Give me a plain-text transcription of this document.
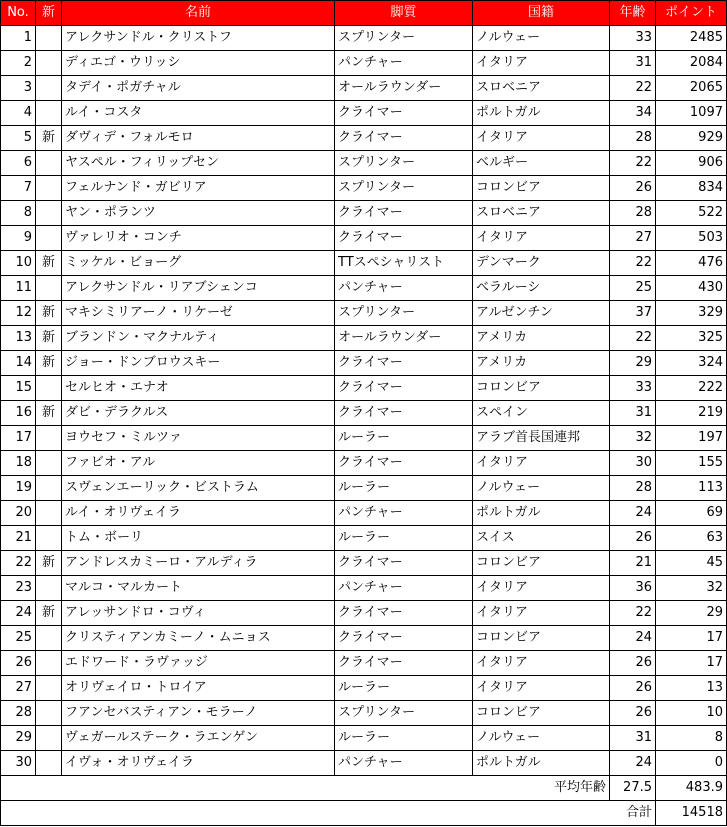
No.	新	名前	脚質	国籍	年齢	ポイント
1		アレクサンドル・クリストフ	スプリンター	ノルウェー	33	2485
2		ディエゴ・ウリッシ	パンチャー	イタリア	31	2084
3		タデイ・ポガチャル	オールラウンダー	スロベニア	22	2065
4		ルイ・コスタ	クライマー	ポルトガル	34	1097
5	新	ダヴィデ・フォルモロ	クライマー	イタリア	28	929
6		ヤスペル・フィリップセン	スプリンター	ベルギー	22	906
7		フェルナンド・ガビリア	スプリンター	コロンビア	26	834
8		ヤン・ポランツ	クライマー	スロベニア	28	522
9		ヴァレリオ・コンチ	クライマー	イタリア	27	503
10	新	ミッケル・ビョーグ	TTスペシャリスト	デンマーク	22	476
11		アレクサンドル・リアブシェンコ	パンチャー	ベラルーシ	25	430
12	新	マキシミリアーノ・リケーゼ	スプリンター	アルゼンチン	37	329
13	新	ブランドン・マクナルティ	オールラウンダー	アメリカ	22	325
14	新	ジョー・ドンブロウスキー	クライマー	アメリカ	29	324
15		セルヒオ・エナオ	クライマー	コロンビア	33	222
16	新	ダビ・デラクルス	クライマー	スペイン	31	219
17		ヨウセフ・ミルツァ	ルーラー	アラブ首長国連邦	32	197
18		ファビオ・アル	クライマー	イタリア	30	155
19		スヴェンエーリック・ビストラム	ルーラー	ノルウェー	28	113
20		ルイ・オリヴェイラ	パンチャー	ポルトガル	24	69
21		トム・ボーリ	ルーラー	スイス	26	63
22	新	アンドレスカミーロ・アルディラ	クライマー	コロンビア	21	45
23		マルコ・マルカート	パンチャー	イタリア	36	32
24	新	アレッサンドロ・コヴィ	クライマー	イタリア	22	29
25		クリスティアンカミーノ・ムニョス	クライマー	コロンビア	24	17
26		エドワード・ラヴァッジ	クライマー	イタリア	26	17
27		オリヴェイロ・トロイア	ルーラー	イタリア	26	13
28		フアンセバスティアン・モラーノ	スプリンター	コロンビア	26	10
29		ヴェガールステーク・ラエンゲン	ルーラー	ノルウェー	31	8
30		イヴォ・オリヴェイラ	パンチャー	ポルトガル	24	0
				平均年齢	27.5	483.9
					合計	14518
